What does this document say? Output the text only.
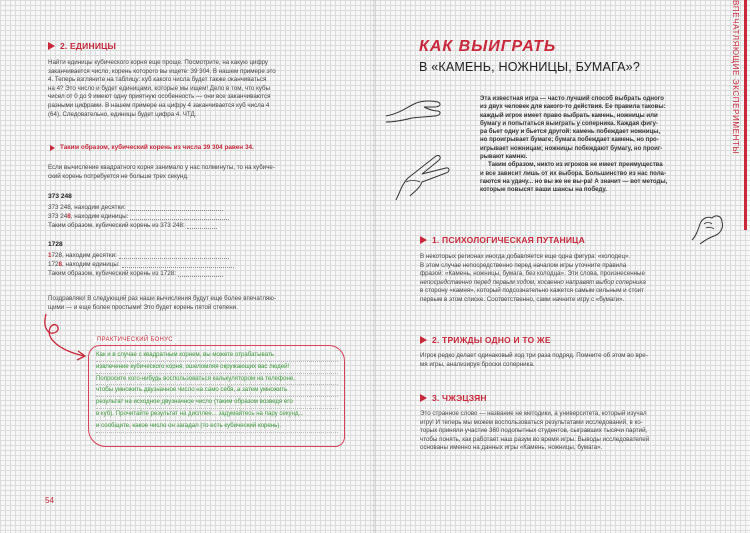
2. ЕДИНИЦЫ
Найти единицы кубического корня еще проще. Посмотрите, на какую цифру
заканчивается число, корень которого вы ищете: 39 304. В нашем примере это
4. Теперь взгляните на таблицу: куб какого числа будет также оканчиваться
на 4? Это число и будет единицами, которые мы ищем! Дело в том, что кубы
чисел от 0 до 9 имеют одну приятную особенность — они все заканчиваются
разными цифрами. В нашем примере на цифру 4 заканчивается куб числа 4
(64). Следовательно, единицы будет цифра 4. ЧТД.
Таким образом, кубический корень из числа 39 304 равен 34.
Если вычисление квадратного корня занимало у нас полминуты, то на кубиче-
ский корень потребуется не больше трех секунд.
373 248
373 248, находим десятки:
373 24 8 , находим единицы:
Таким образом, кубический корень из 373 248:
1728
1 728, находим десятки:
172 8 , находим единицы:
Таким образом, кубический корень из 1728:
Поздравляю! В следующий раз наши вычисления будут еще более впечатляю-
щими — и еще более простыми! Это будет корень пятой степени.
ПРАКТИЧЕСКИЙ БОНУС
Как и в случае с квадратным корнем, вы можете отрабатывать
извлечение кубического корня, ошеломляя окружающих вас людей!
Попросите кого-нибудь воспользоваться калькулятором на телефоне,
чтобы умножить двузначное число на само себя, а затем умножить
результат на исходное двузначное число (таким образом возведя его
в куб). Прочитайте результат на дисплее... задумайтесь на пару секунд...
и сообщите, какое число он загадал (то есть кубический корень).
54
КАК ВЫИГРАТЬ
В «КАМЕНЬ, НОЖНИЦЫ, БУМАГА»?	ВПЕЧАТЛЯЮЩИЕ ЭКСПЕРИМЕНТЫ
Эта известная игра — часто лучший способ выбрать одного
из двух человек для какого-то действия. Ее правила таковы:
каждый игрок имеет право выбрать камень, ножницы или
бумагу и попытаться выиграть у соперника. Каждая фигу-
ра бьет одну и бьется другой: камень побеждает ножницы,
но проигрывает бумаге; бумага побеждает камень, но про-
игрывает ножницам; ножницы побеждают бумагу, но проиг-
рывают камню.
Таким образом, никто из игроков не имеет преимущества
и все зависит лишь от их выбора. Большинство из нас пола-
гаются на удачу... но вы же не вы-ра! А значит — вот методы,
которые повысят ваши шансы на победу.
1. ПСИХОЛОГИЧЕСКАЯ ПУТАНИЦА
В некоторых регионах иногда добавляется еще одна фигура: «колодец».
В этом случае непосредственно перед началом игры уточните правила
фразой: «Камень, ножницы, бумага, без колодца». Эти слова, произнесенные
непосредственно перед первым ходом, косвенно направят выбор соперника
в сторону «камня», который подсознательно кажется самым сильным и стоит
первым в этом списке. Соответственно, сами начните игру с «бумаги».
2. ТРИЖДЫ ОДНО И ТО ЖЕ
Игрок редко делает одинаковый ход три раза подряд. Помните об этом во вре-
мя игры, анализируя броски соперника.
3. ЧЖЭЦЗЯН
Это странное слово — название не методики, а университета, который изучал
игру! И теперь мы можем воспользоваться результатами исследований, в ко-
торых приняли участие 360 подопытных студентов, сыгравших тысячи партий,
чтобы понять, как работает наш разум во время игры. Выводы исследователей
основаны именно на данных игры «Камень, ножницы, бумага».
